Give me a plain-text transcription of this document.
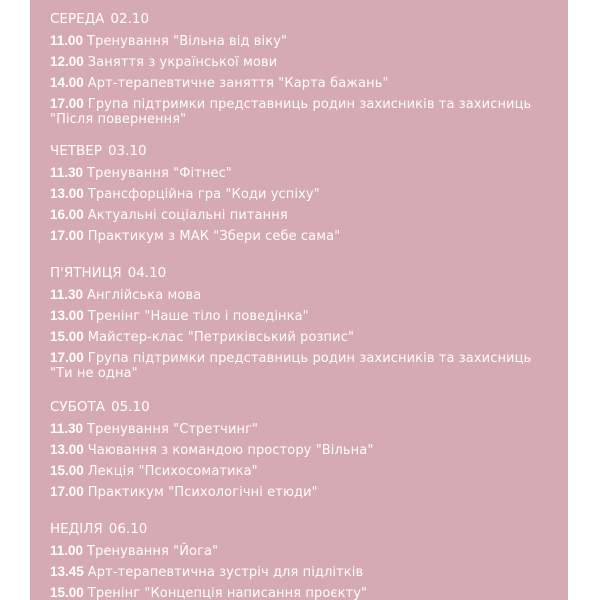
СЕРЕДА 02.10
11.00 Тренування "Вільна від віку"
12.00 Заняття з української мови
14.00 Арт-терапевтичне заняття "Карта бажань"
17.00 Група підтримки представниць родин захисників та захисниць "Після повернення"
ЧЕТВЕР 03.10
11.30 Тренування "Фітнес"
13.00 Трансфорційна гра "Коди успіху"
16.00 Актуальні соціальні питання
17.00 Практикум з МАК "Збери себе сама"
П'ЯТНИЦЯ 04.10
11.30 Англійська мова
13.00 Тренінг "Наше тіло і поведінка"
15.00 Майстер-клас "Петриківський розпис"
17.00 Група підтримки представниць родин захисників та захисниць "Ти не одна"
СУБОТА 05.10
11.30 Тренування "Стретчинг"
13.00 Чаювання з командою простору "Вільна"
15.00 Лекція "Психосоматика"
17.00 Практикум "Психологічні етюди"
НЕДІЛЯ 06.10
11.00 Тренування "Йога"
13.45 Арт-терапевтична зустріч для підлітків
15.00 Тренінг "Концепція написання проєкту"
